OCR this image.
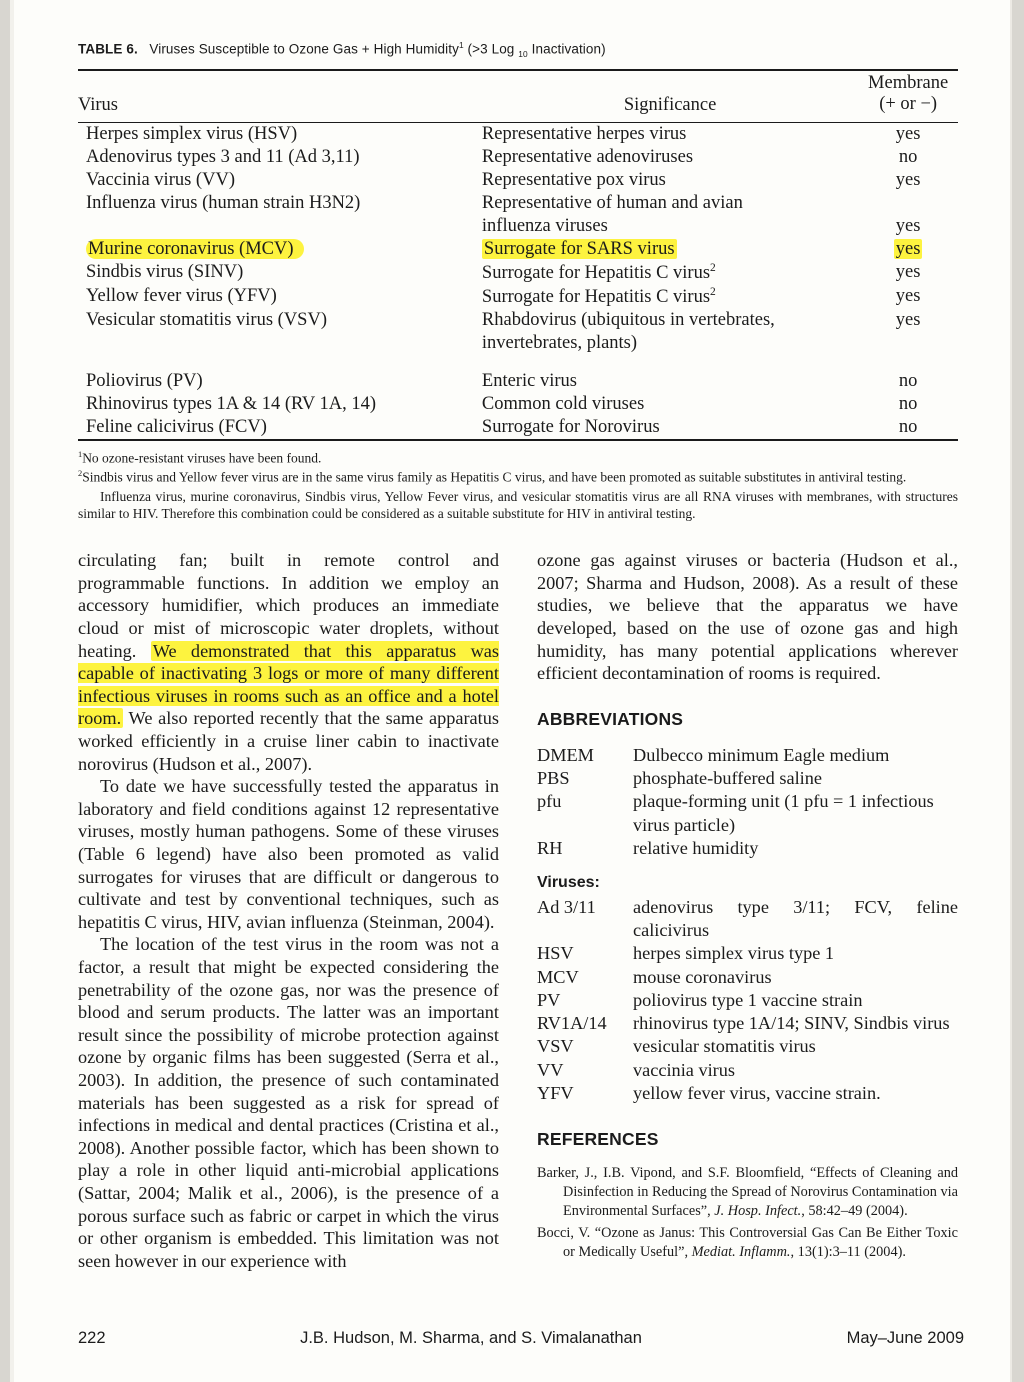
TABLE 6. Viruses Susceptible to Ozone Gas + High Humidity$^1$ (>3 Log $_{10}$ Inactivation)
Virus	Significance	Membrane
(+ or −)

Herpes simplex virus (HSV)	Representative herpes virus	yes
Adenovirus types 3 and 11 (Ad 3,11)	Representative adenoviruses	no
Vaccinia virus (VV)	Representative pox virus	yes
Influenza virus (human strain H3N2)	Representative of human and avian	
	influenza viruses	yes
Murine coronavirus (MCV)	Surrogate for SARS virus	yes
Sindbis virus (SINV)	Surrogate for Hepatitis C virus$^2$	yes
Yellow fever virus (YFV)	Surrogate for Hepatitis C virus$^2$	yes
Vesicular stomatitis virus (VSV)	Rhabdovirus (ubiquitous in vertebrates,	yes
	invertebrates, plants)	

Poliovirus (PV)	Enteric virus	no
Rhinovirus types 1A & 14 (RV 1A, 14)	Common cold viruses	no
Feline calicivirus (FCV)	Surrogate for Norovirus	no

$^1$No ozone-resistant viruses have been found.

$^2$Sindbis virus and Yellow fever virus are in the same virus family as Hepatitis C virus, and have been promoted as suitable substitutes in antiviral testing.

Influenza virus, murine coronavirus, Sindbis virus, Yellow Fever virus, and vesicular stomatitis virus are all RNA viruses with membranes, with structures similar to HIV. Therefore this combination could be considered as a suitable substitute for HIV in antiviral testing.

circulating fan; built in remote control and programmable functions. In addition we employ an accessory humidifier, which produces an immediate cloud or mist of microscopic water droplets, without heating. We demonstrated that this apparatus was capable of inactivating 3 logs or more of many different infectious viruses in rooms such as an office and a hotel room. We also reported recently that the same apparatus worked efficiently in a cruise liner cabin to inactivate norovirus (Hudson et al., 2007).

To date we have successfully tested the apparatus in laboratory and field conditions against 12 representative viruses, mostly human pathogens. Some of these viruses (Table 6 legend) have also been promoted as valid surrogates for viruses that are difficult or dangerous to cultivate and test by conventional techniques, such as hepatitis C virus, HIV, avian influenza (Steinman, 2004).

The location of the test virus in the room was not a factor, a result that might be expected considering the penetrability of the ozone gas, nor was the presence of blood and serum products. The latter was an important result since the possibility of microbe protection against ozone by organic films has been suggested (Serra et al., 2003). In addition, the presence of such contaminated materials has been suggested as a risk for spread of infections in medical and dental practices (Cristina et al., 2008). Another possible factor, which has been shown to play a role in other liquid anti-microbial applications (Sattar, 2004; Malik et al., 2006), is the presence of a porous surface such as fabric or carpet in which the virus or other organism is embedded. This limitation was not seen however in our experience with

ozone gas against viruses or bacteria (Hudson et al., 2007; Sharma and Hudson, 2008). As a result of these studies, we believe that the apparatus we have developed, based on the use of ozone gas and high humidity, has many potential applications wherever efficient decontamination of rooms is required.

ABBREVIATIONS
DMEM	Dulbecco minimum Eagle medium
PBS	phosphate-buffered saline
pfu	plaque-forming unit (1 pfu = 1 infectious
virus particle)
RH	relative humidity
Viruses:
Ad 3/11	adenovirus type 3/11; FCV, feline calicivirus
HSV	herpes simplex virus type 1
MCV	mouse coronavirus
PV	poliovirus type 1 vaccine strain
RV1A/14	rhinovirus type 1A/14; SINV, Sindbis virus
VSV	vesicular stomatitis virus
VV	vaccinia virus
YFV	yellow fever virus, vaccine strain.
REFERENCES
Barker, J., I.B. Vipond, and S.F. Bloomfield, “Effects of Cleaning and Disinfection in Reducing the Spread of Norovirus Contamination via Environmental Surfaces”, J. Hosp. Infect., 58:42–49 (2004).
Bocci, V. “Ozone as Janus: This Controversial Gas Can Be Either Toxic or Medically Useful”, Mediat. Inflamm., 13(1):3–11 (2004).
222	J.B. Hudson, M. Sharma, and S. Vimalanathan	May–June 2009
